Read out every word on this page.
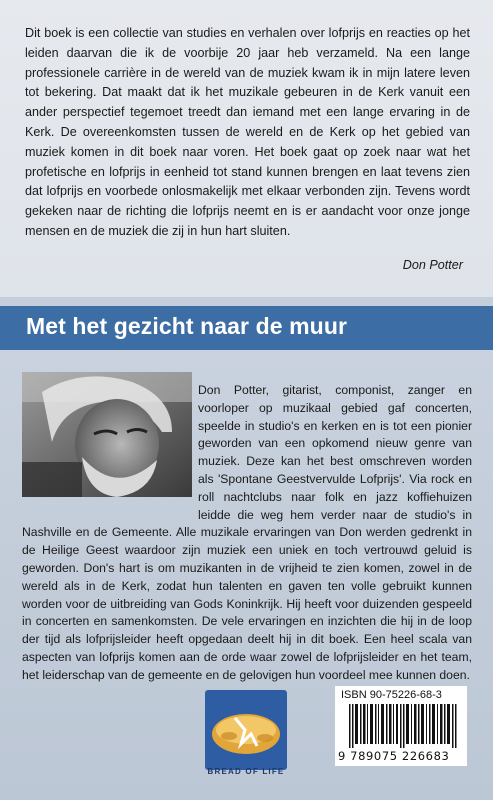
Dit boek is een collectie van studies en verhalen over lofprijs en reacties op het leiden daarvan die ik de voorbije 20 jaar heb verzameld. Na een lange professionele carrière in de wereld van de muziek kwam ik in mijn latere leven tot bekering. Dat maakt dat ik het muzikale gebeuren in de Kerk vanuit een ander perspectief tegemoet treedt dan iemand met een lange ervaring in de Kerk. De overeenkomsten tussen de wereld en de Kerk op het gebied van muziek komen in dit boek naar voren. Het boek gaat op zoek naar wat het profetische en lofprijs in eenheid tot stand kunnen brengen en laat tevens zien dat lofprijs en voorbede onlosmakelijk met elkaar verbonden zijn. Tevens wordt gekeken naar de richting die lofprijs neemt en is er aandacht voor onze jonge mensen en de muziek die zij in hun hart sluiten.

Don Potter
Met het gezicht naar de muur

Don Potter, gitarist, componist, zanger en voorloper op muzikaal gebied gaf concerten, speelde in studio's en kerken en is tot een pionier geworden van een opkomend nieuw genre van muziek. Deze kan het best omschreven worden als 'Spontane Geestvervulde Lofprijs'. Via rock en roll nachtclubs naar folk en jazz koffiehuizen leidde die weg hem verder naar de studio's in Nashville en de Gemeente. Alle muzikale ervaringen van Don werden gedrenkt in de Heilige Geest waardoor zijn muziek een uniek en toch vertrouwd geluid is geworden. Don's hart is om muzikanten in de vrijheid te zien komen, zowel in de wereld als in de Kerk, zodat hun talenten en gaven ten volle gebruikt kunnen worden voor de uitbreiding van Gods Koninkrijk. Hij heeft voor duizenden gespeeld in concerten en samenkomsten. De vele ervaringen en inzichten die hij in de loop der tijd als lofprijsleider heeft opgedaan deelt hij in dit boek. Een heel scala van aspecten van lofprijs komen aan de orde waar zowel de lofprijsleider en het team, het leiderschap van de gemeente en de gelovigen hun voordeel mee kunnen doen.

BREAD OF LIFE
ISBN 90-75226-68-3
9 789075 226683
